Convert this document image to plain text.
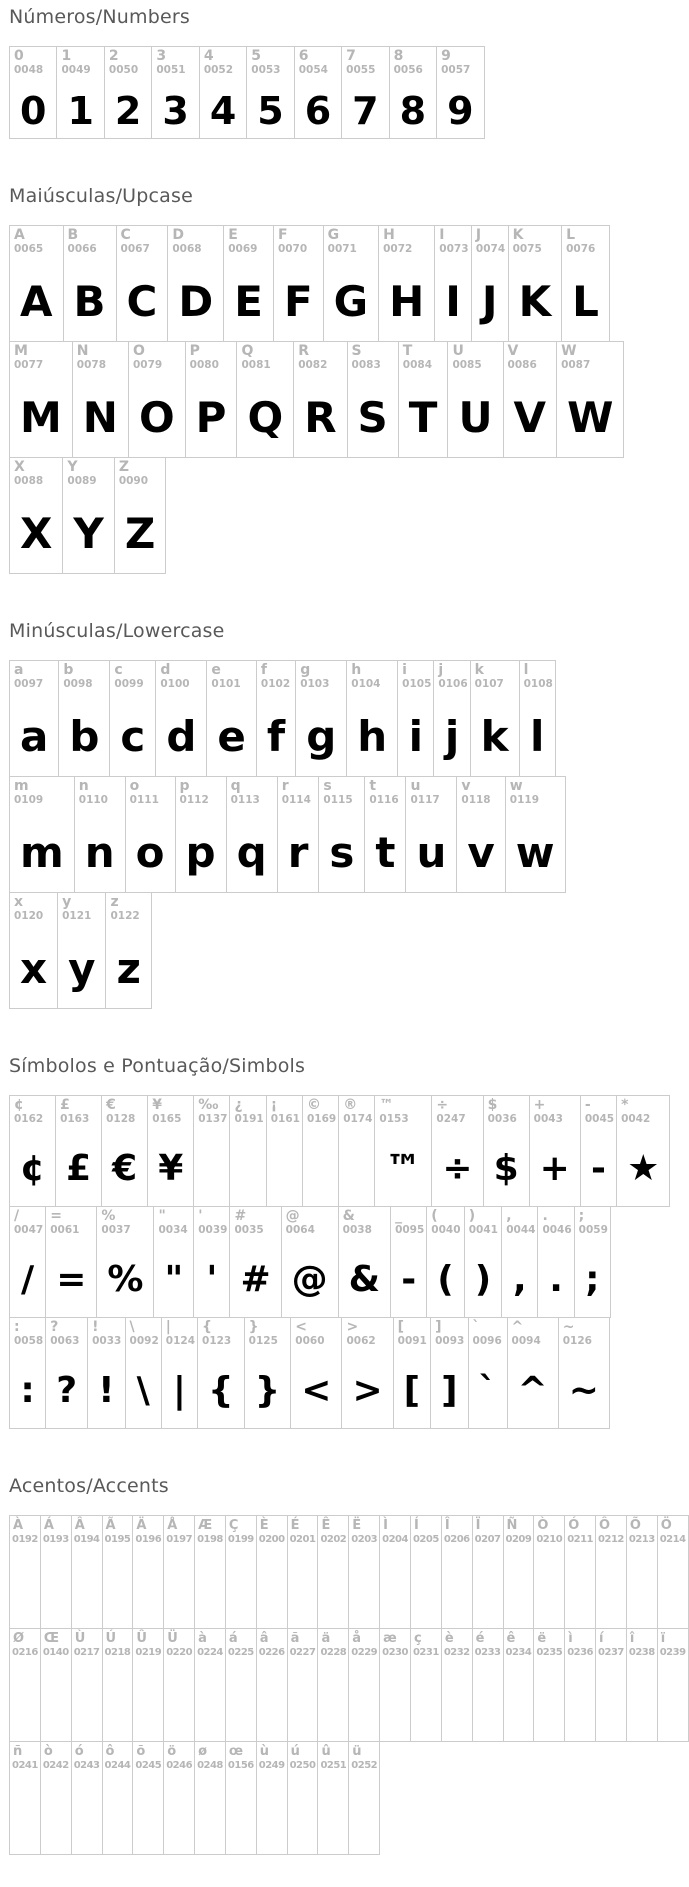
Números/Numbers
0
0048
0
1
0049
1
2
0050
2
3
0051
3
4
0052
4
5
0053
5
6
0054
6
7
0055
7
8
0056
8
9
0057
9
Maiúsculas/Upcase
A
0065
A
B
0066
B
C
0067
C
D
0068
D
E
0069
E
F
0070
F
G
0071
G
H
0072
H
I
0073
I
J
0074
J
K
0075
K
L
0076
L
M
0077
M
N
0078
N
O
0079
O
P
0080
P
Q
0081
Q
R
0082
R
S
0083
S
T
0084
T
U
0085
U
V
0086
V
W
0087
W
X
0088
X
Y
0089
Y
Z
0090
Z
Minúsculas/Lowercase
a
0097
a
b
0098
b
c
0099
c
d
0100
d
e
0101
e
f
0102
f
g
0103
g
h
0104
h
i
0105
i
j
0106
j
k
0107
k
l
0108
l
m
0109
m
n
0110
n
o
0111
o
p
0112
p
q
0113
q
r
0114
r
s
0115
s
t
0116
t
u
0117
u
v
0118
v
w
0119
w
x
0120
x
y
0121
y
z
0122
z
Símbolos e Pontuação/Simbols
¢
0162
¢
£
0163
£
€
0128
€
¥
0165
¥
‰
0137
¿
0191
¡
0161
©
0169
®
0174
™
0153
™
÷
0247
÷
$
0036
$
+
0043
+
-
0045
-
*
0042
★
/
0047
/
=
0061
=
%
0037
%
"
0034
"
'
0039
'
#
0035
#
@
0064
@
&
0038
&
_
0095
-
(
0040
(
)
0041
)
,
0044
,
.
0046
.
;
0059
;
:
0058
:
?
0063
?
!
0033
!
\
0092
\
|
0124
|
{
0123
{
}
0125
}
<
0060
<
>
0062
>
[
0091
[
]
0093
]
`
0096
`
^
0094
^
~
0126
~
Acentos/Accents
À
0192
Á
0193
Â
0194
Ã
0195
Ä
0196
Å
0197
Æ
0198
Ç
0199
È
0200
É
0201
Ê
0202
Ë
0203
Ì
0204
Í
0205
Î
0206
Ï
0207
Ñ
0209
Ò
0210
Ó
0211
Ô
0212
Õ
0213
Ö
0214
Ø
0216
Œ
0140
Ù
0217
Ú
0218
Û
0219
Ü
0220
à
0224
á
0225
â
0226
ã
0227
ä
0228
å
0229
æ
0230
ç
0231
è
0232
é
0233
ê
0234
ë
0235
ì
0236
í
0237
î
0238
ï
0239
ñ
0241
ò
0242
ó
0243
ô
0244
õ
0245
ö
0246
ø
0248
œ
0156
ù
0249
ú
0250
û
0251
ü
0252
